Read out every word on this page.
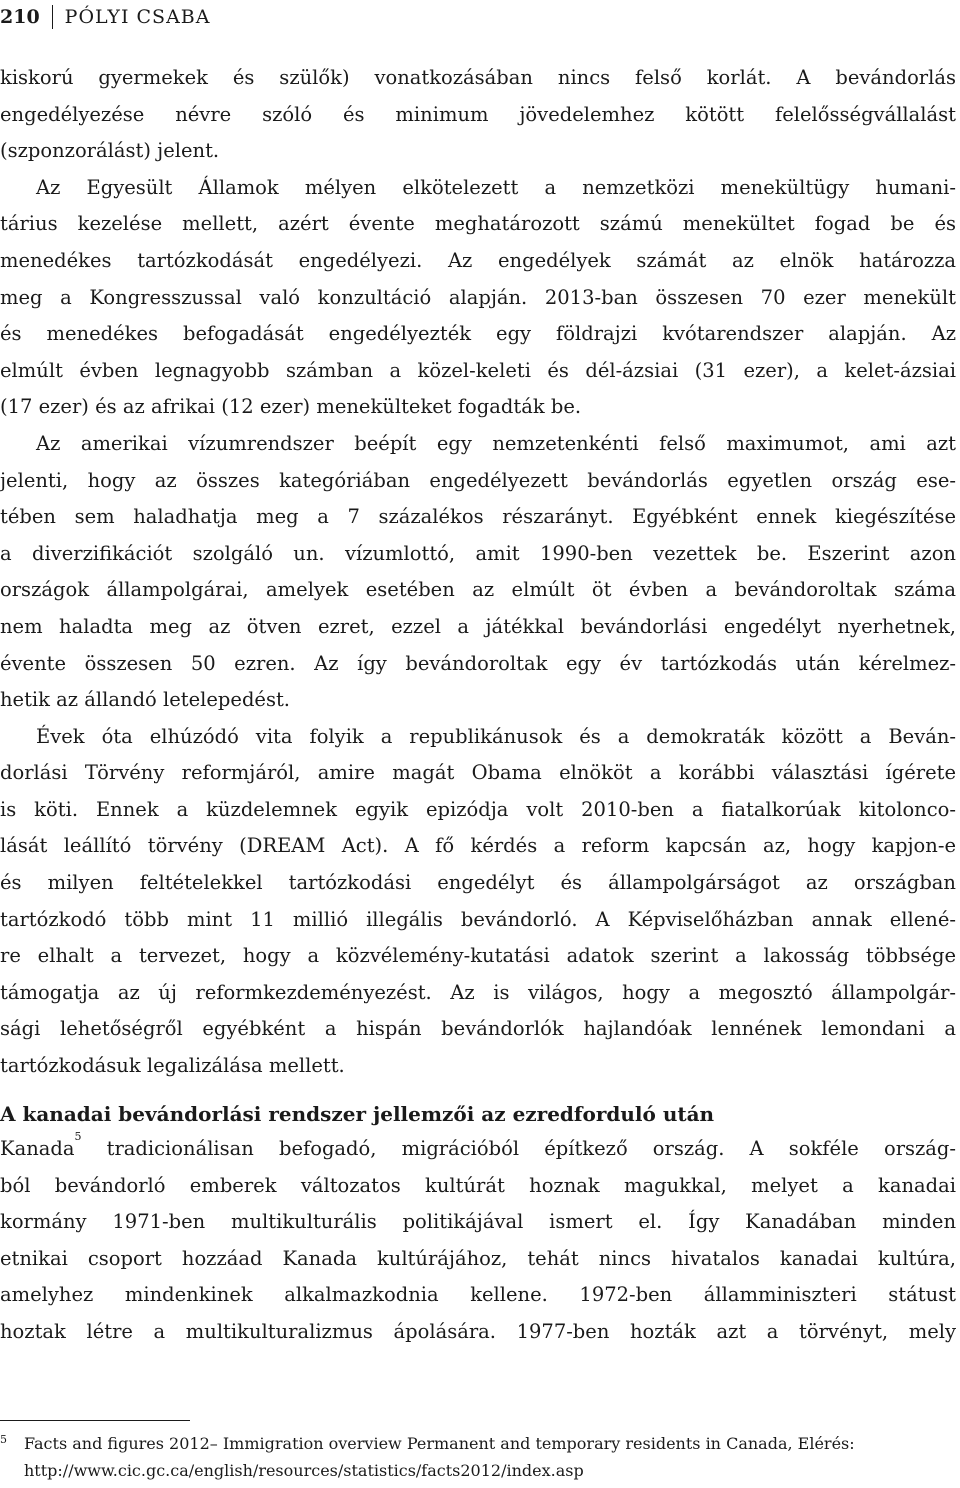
210	PÓLYI CSABA
kiskorú gyermekek és szülők) vonatkozásában nincs felső korlát. A bevándorlás
engedélyezése névre szóló és minimum jövedelemhez kötött felelősségvállalást
(szponzorálást) jelent.
Az Egyesült Államok mélyen elkötelezett a nemzetközi menekültügy humani-
tárius kezelése mellett, azért évente meghatározott számú menekültet fogad be és
menedékes tartózkodását engedélyezi. Az engedélyek számát az elnök határozza
meg a Kongresszussal való konzultáció alapján. 2013-ban összesen 70 ezer menekült
és menedékes befogadását engedélyezték egy földrajzi kvótarendszer alapján. Az
elmúlt évben legnagyobb számban a közel-keleti és dél-ázsiai (31 ezer), a kelet-ázsiai
(17 ezer) és az afrikai (12 ezer) menekülteket fogadták be.
Az amerikai vízumrendszer beépít egy nemzetenkénti felső maximumot, ami azt
jelenti, hogy az összes kategóriában engedélyezett bevándorlás egyetlen ország ese-
tében sem haladhatja meg a 7 százalékos részarányt. Egyébként ennek kiegészítése
a diverzifikációt szolgáló un. vízumlottó, amit 1990-ben vezettek be. Eszerint azon
országok állampolgárai, amelyek esetében az elmúlt öt évben a bevándoroltak száma
nem haladta meg az ötven ezret, ezzel a játékkal bevándorlási engedélyt nyerhetnek,
évente összesen 50 ezren. Az így bevándoroltak egy év tartózkodás után kérelmez-
hetik az állandó letelepedést.
Évek óta elhúzódó vita folyik a republikánusok és a demokraták között a Beván-
dorlási Törvény reformjáról, amire magát Obama elnököt a korábbi választási ígérete
is köti. Ennek a küzdelemnek egyik epizódja volt 2010-ben a fiatalkorúak kitolonco-
lását leállító törvény (DREAM Act). A fő kérdés a reform kapcsán az, hogy kapjon-e
és milyen feltételekkel tartózkodási engedélyt és állampolgárságot az országban
tartózkodó több mint 11 millió illegális bevándorló. A Képviselőházban annak ellené-
re elhalt a tervezet, hogy a közvélemény-kutatási adatok szerint a lakosság többsége
támogatja az új reformkezdeményezést. Az is világos, hogy a megosztó állampolgár-
sági lehetőségről egyébként a hispán bevándorlók hajlandóak lennének lemondani a
tartózkodásuk legalizálása mellett.
A kanadai bevándorlási rendszer jellemzői az ezredforduló után
Kanada$^5$ tradicionálisan befogadó, migrációból építkező ország. A sokféle ország-
ból bevándorló emberek változatos kultúrát hoznak magukkal, melyet a kanadai
kormány 1971-ben multikulturális politikájával ismert el. Így Kanadában minden
etnikai csoport hozzáad Kanada kultúrájához, tehát nincs hivatalos kanadai kultúra,
amelyhez mindenkinek alkalmazkodnia kellene. 1972-ben államminiszteri státust
hoztak létre a multikulturalizmus ápolására. 1977-ben hozták azt a törvényt, mely
5	Facts and figures 2012– Immigration overview Permanent and temporary residents in Canada, Elérés:
http://www.cic.gc.ca/english/resources/statistics/facts2012/index.asp
